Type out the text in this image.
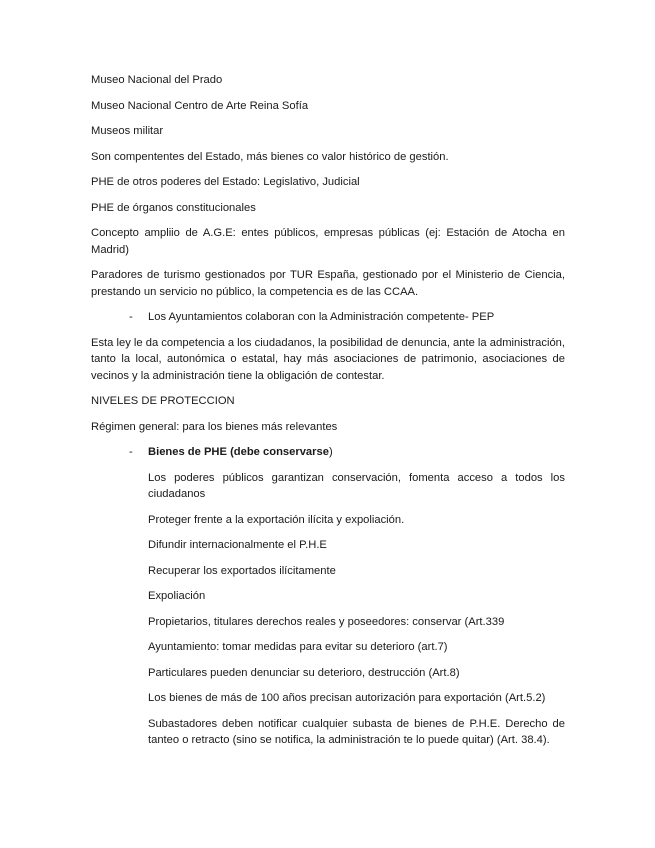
Museo Nacional del Prado

Museo Nacional Centro de Arte Reina Sofía

Museos militar

Son compententes del Estado, más bienes co valor histórico de gestión.

PHE de otros poderes del Estado: Legislativo, Judicial

PHE de órganos constitucionales

Concepto ampliio de A.G.E: entes públicos, empresas públicas (ej: Estación de Atocha en Madrid)

Paradores de turismo gestionados por TUR España, gestionado por el Ministerio de Ciencia, prestando un servicio no público, la competencia es de las CCAA.

- Los Ayuntamientos colaboran con la Administración competente- PEP

Esta ley le da competencia a los ciudadanos, la posibilidad de denuncia, ante la administración, tanto la local, autonómica o estatal, hay más asociaciones de patrimonio, asociaciones de vecinos y la administración tiene la obligación de contestar.

NIVELES DE PROTECCION

Régimen general: para los bienes más relevantes

- Bienes de PHE (debe conservarse)

Los poderes públicos garantizan conservación, fomenta acceso a todos los ciudadanos

Proteger frente a la exportación ilícita y expoliación.

Difundir internacionalmente el P.H.E

Recuperar los exportados ilícitamente

Expoliación

Propietarios, titulares derechos reales y poseedores: conservar (Art.339

Ayuntamiento: tomar medidas para evitar su deterioro (art.7)

Particulares pueden denunciar su deterioro, destrucción (Art.8)

Los bienes de más de 100 años precisan autorización para exportación (Art.5.2)

Subastadores deben notificar cualquier subasta de bienes de P.H.E. Derecho de tanteo o retracto (sino se notifica, la administración te lo puede quitar) (Art. 38.4).
